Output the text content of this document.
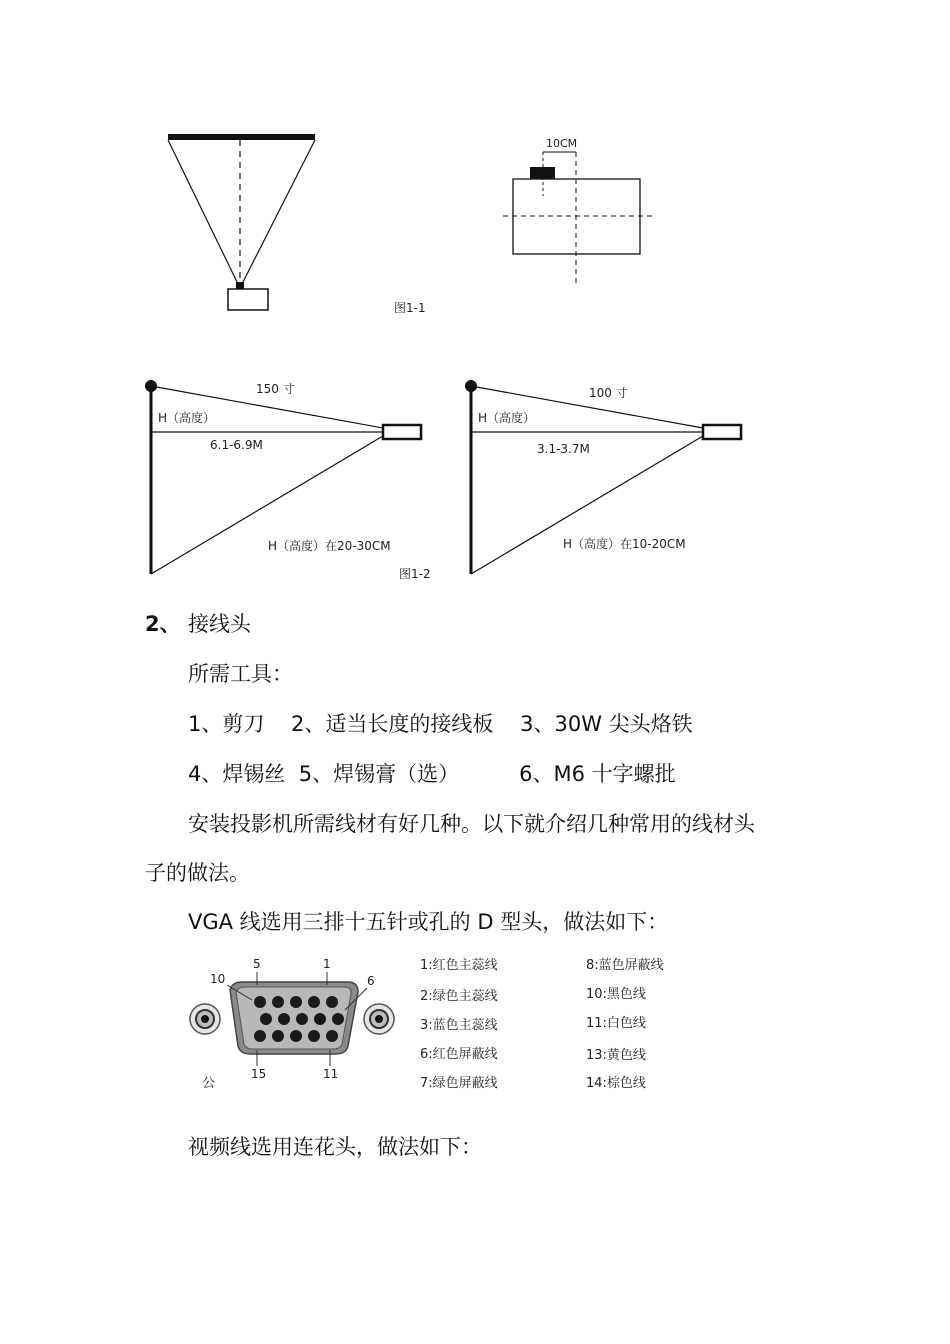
10CM
图1-1
150 寸
H（高度）
6.1-6.9M
H（高度）在20-30CM
100 寸
H（高度）
3.1-3.7M
H（高度）在10-20CM
图1-2
2、 接线头
所需工具：
1、剪刀    2、适当长度的接线板    3、30W 尖头烙铁
4、焊锡丝  5、焊锡膏（选）         6、M6 十字螺批
安装投影机所需线材有好几种。以下就介绍几种常用的线材头
子的做法。
VGA 线选用三排十五针或孔的 D 型头，做法如下：
5	1
10	6
15	11
公
1:红色主蕊线
2:绿色主蕊线
3:蓝色主蕊线
6:红色屏蔽线
7:绿色屏蔽线
8:蓝色屏蔽线
10:黑色线
11:白色线
13:黄色线
14:棕色线
视频线选用连花头，做法如下：
